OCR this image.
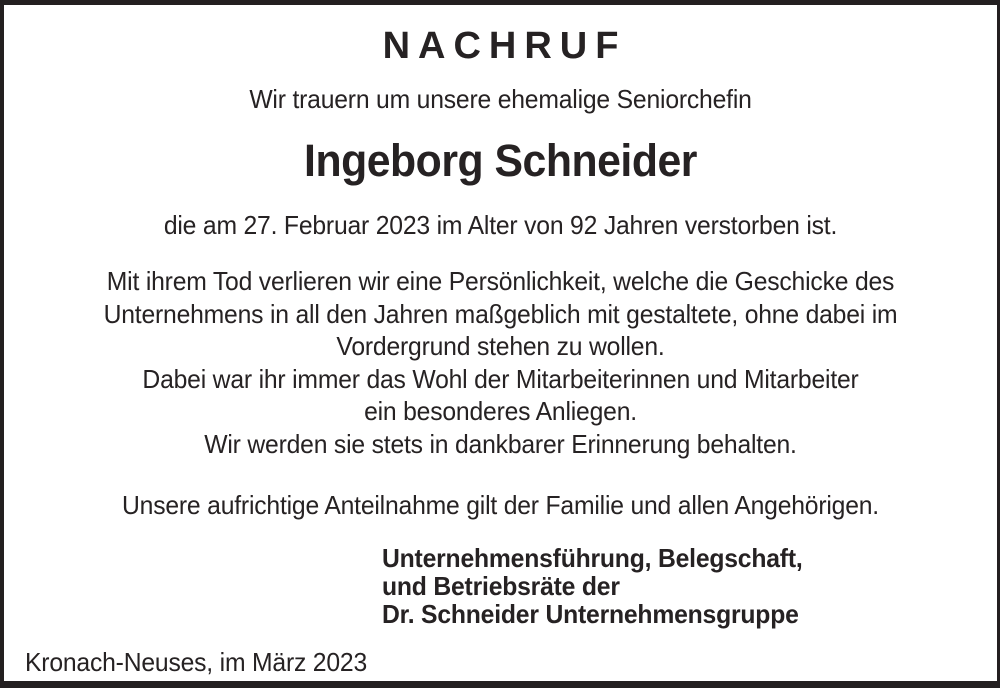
NACHRUF

Wir trauern um unsere ehemalige Seniorchefin

Ingeborg Schneider

die am 27. Februar 2023 im Alter von 92 Jahren verstorben ist.

Mit ihrem Tod verlieren wir eine Persönlichkeit, welche die Geschicke des
Unternehmens in all den Jahren maßgeblich mit gestaltete, ohne dabei im
Vordergrund stehen zu wollen.
Dabei war ihr immer das Wohl der Mitarbeiterinnen und Mitarbeiter
ein besonderes Anliegen.
Wir werden sie stets in dankbarer Erinnerung behalten.

Unsere aufrichtige Anteilnahme gilt der Familie und allen Angehörigen.

Unternehmensführung, Belegschaft,
und Betriebsräte der
Dr. Schneider Unternehmensgruppe

Kronach-Neuses, im März 2023
